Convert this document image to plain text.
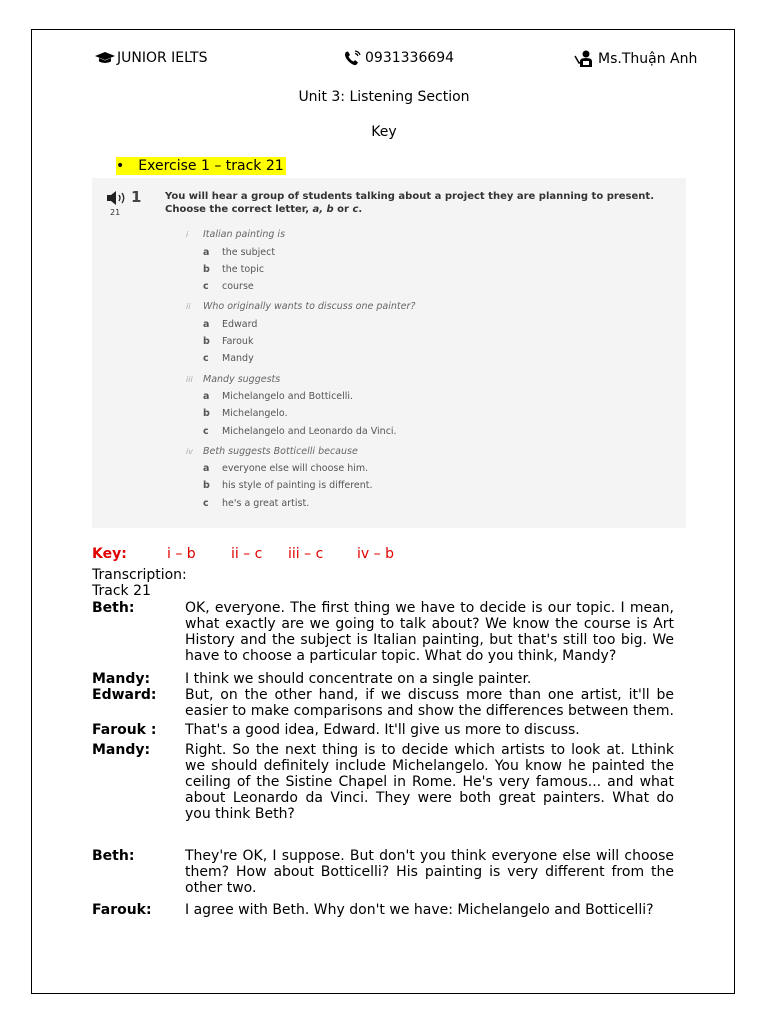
JUNIOR IELTS	0931336694	Ms.Thuận Anh
Unit 3: Listening Section
Key
• Exercise 1 – track 21
21
1 You will hear a group of students talking about a project they are planning to present.
Choose the correct letter, a, b or c.
i Italian painting is
a the subject
b the topic
c course
ii Who originally wants to discuss one painter?
a Edward
b Farouk
c Mandy
iii Mandy suggests
a Michelangelo and Botticelli.
b Michelangelo.
c Michelangelo and Leonardo da Vinci.
iv Beth suggests Botticelli because
a everyone else will choose him.
b his style of painting is different.
c he's a great artist.
Key:	i – b	ii – c iii – c iv – b
Transcription:
Track 21
Beth:	OK, everyone. The first thing we have to decide is our topic. I mean, what exactly are we going to talk about? We know the course is Art History and the subject is Italian painting, but that's still too big. We have to choose a particular topic. What do you think, Mandy?
Mandy: I think we should concentrate on a single painter.
Edward: But, on the other hand, if we discuss more than one artist, it'll be easier to make comparisons and show the differences between them.
Farouk : That's a good idea, Edward. It'll give us more to discuss.
Mandy: Right. So the next thing is to decide which artists to look at. Lthink we should definitely include Michelangelo. You know he painted the ceiling of the Sistine Chapel in Rome. He's very famous... and what about Leonardo da Vinci. They were both great painters. What do you think Beth?
Beth:	They're OK, I suppose. But don't you think everyone else will choose them? How about Botticelli? His painting is very different from the other two.
Farouk: I agree with Beth. Why don't we have: Michelangelo and Botticelli?
